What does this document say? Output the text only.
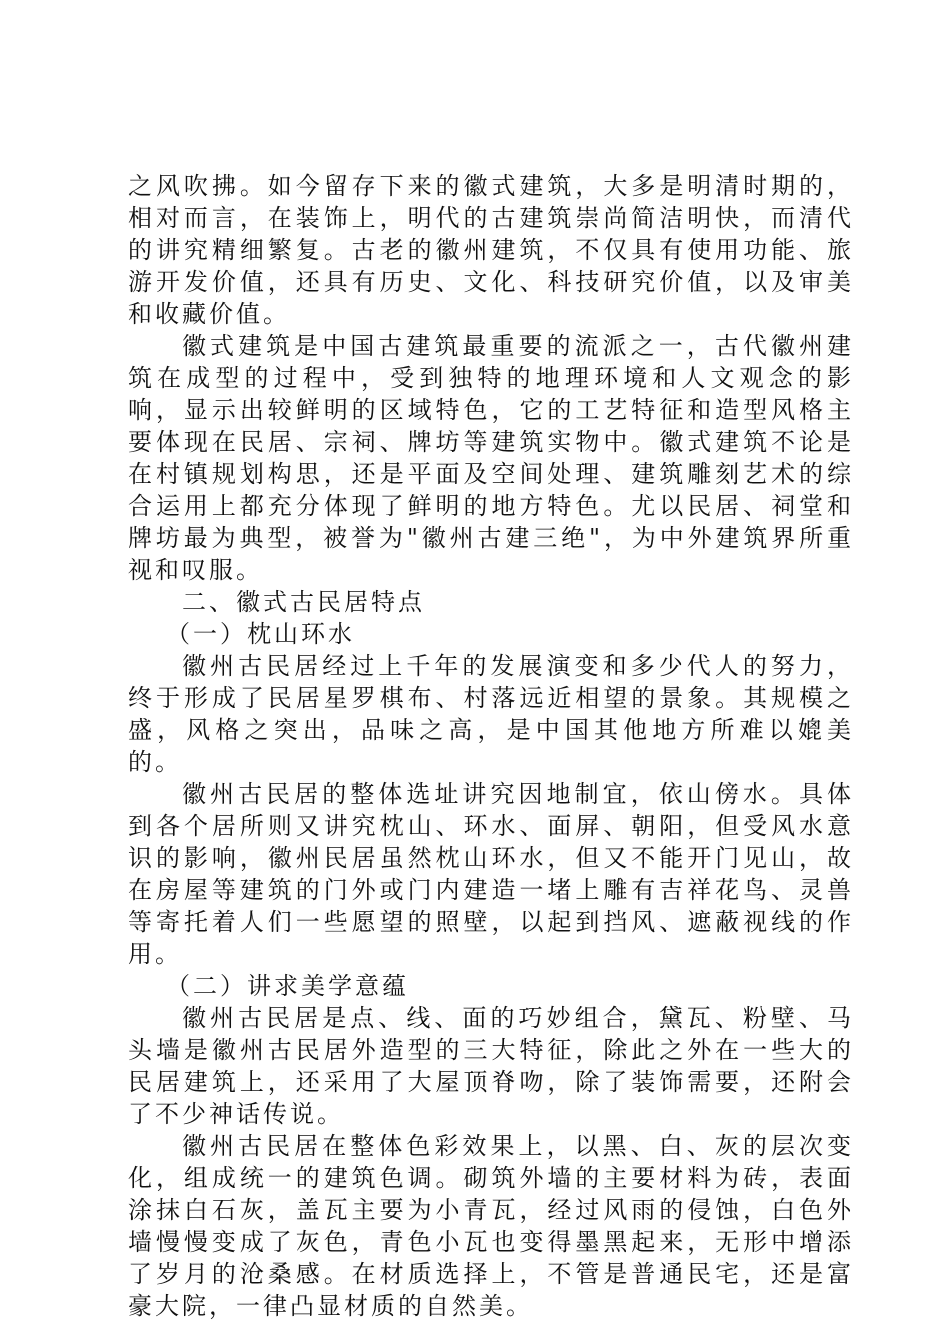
之风吹拂。如今留存下来的徽式建筑，大多是明清时期的，相对而言，在装饰上，明代的古建筑崇尚简洁明快，而清代的讲究精细繁复。古老的徽州建筑，不仅具有使用功能、旅游开发价值，还具有历史、文化、科技研究价值，以及审美和收藏价值。

徽式建筑是中国古建筑最重要的流派之一，古代徽州建筑在成型的过程中，受到独特的地理环境和人文观念的影响，显示出较鲜明的区域特色，它的工艺特征和造型风格主要体现在民居、宗祠、牌坊等建筑实物中。徽式建筑不论是在村镇规划构思，还是平面及空间处理、建筑雕刻艺术的综合运用上都充分体现了鲜明的地方特色。尤以民居、祠堂和牌坊最为典型，被誉为"徽州古建三绝"，为中外建筑界所重视和叹服。

二、徽式古民居特点

（一）枕山环水

徽州古民居经过上千年的发展演变和多少代人的努力，终于形成了民居星罗棋布、村落远近相望的景象。其规模之盛，风格之突出，品味之高，是中国其他地方所难以媲美的。

徽州古民居的整体选址讲究因地制宜，依山傍水。具体到各个居所则又讲究枕山、环水、面屏、朝阳，但受风水意识的影响，徽州民居虽然枕山环水，但又不能开门见山，故在房屋等建筑的门外或门内建造一堵上雕有吉祥花鸟、灵兽等寄托着人们一些愿望的照壁，以起到挡风、遮蔽视线的作用。

（二）讲求美学意蕴

徽州古民居是点、线、面的巧妙组合，黛瓦、粉壁、马头墙是徽州古民居外造型的三大特征，除此之外在一些大的民居建筑上，还采用了大屋顶脊吻，除了装饰需要，还附会了不少神话传说。

徽州古民居在整体色彩效果上，以黑、白、灰的层次变化，组成统一的建筑色调。砌筑外墙的主要材料为砖，表面涂抹白石灰，盖瓦主要为小青瓦，经过风雨的侵蚀，白色外墙慢慢变成了灰色，青色小瓦也变得墨黑起来，无形中增添了岁月的沧桑感。在材质选择上，不管是普通民宅，还是富豪大院，一律凸显材质的自然美。
